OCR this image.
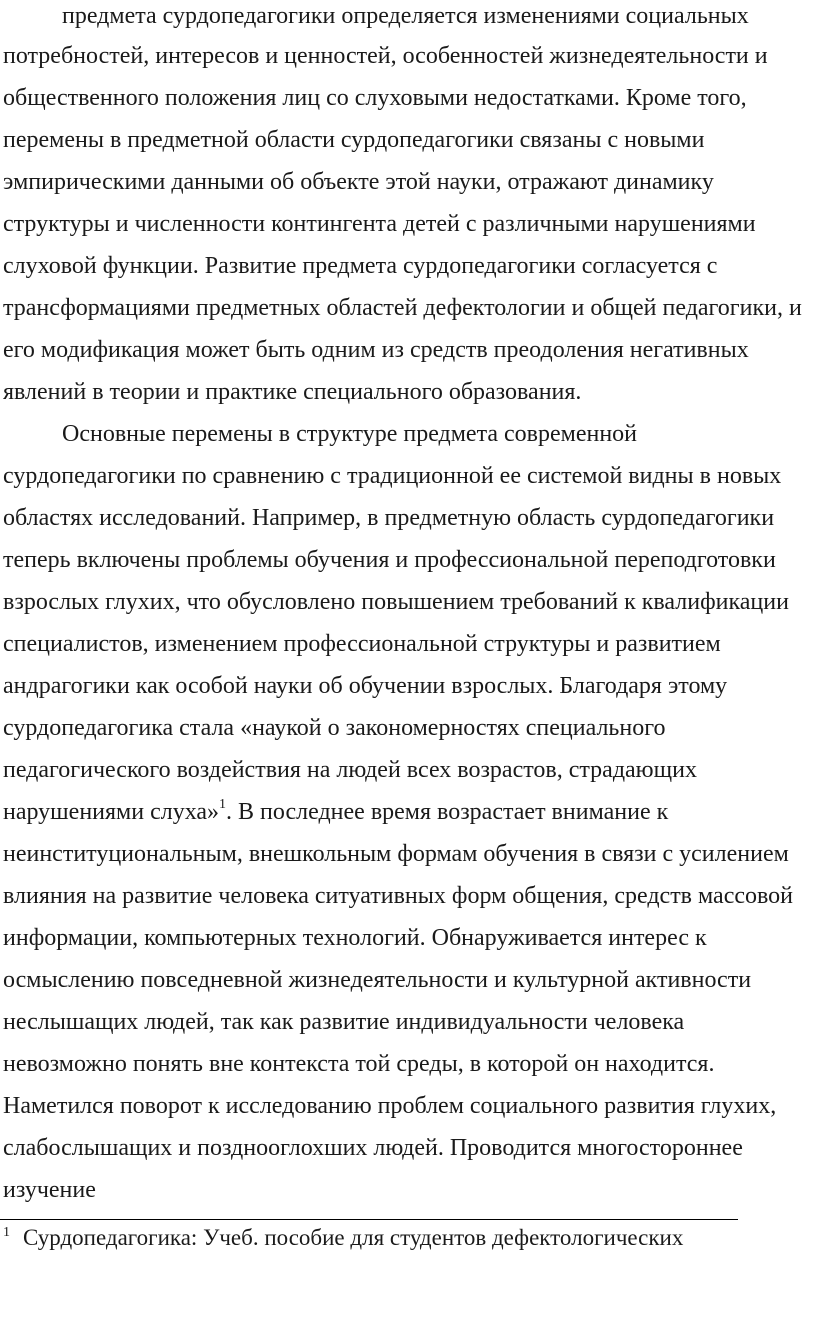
предмета сурдопедагогики определяется изменениями социальных
потребностей, интересов и ценностей, особенностей жизнедеятельности и
общественного положения лиц со слуховыми недостатками. Кроме того,
перемены в предметной области сурдопедагогики связаны с новыми
эмпирическими данными об объекте этой науки, отражают динамику
структуры и численности контингента детей с различными нарушениями
слуховой функции. Развитие предмета сурдопедагогики согласуется с
трансформациями предметных областей дефектологии и общей педагогики, и
его модификация может быть одним из средств преодоления негативных
явлений в теории и практике специального образования.
Основные перемены в структуре предмета современной
сурдопедагогики по сравнению с традиционной ее системой видны в новых
областях исследований. Например, в предметную область сурдопедагогики
теперь включены проблемы обучения и профессиональной переподготовки
взрослых глухих, что обусловлено повышением требований к квалификации
специалистов, изменением профессиональной структуры и развитием
андрагогики как особой науки об обучении взрослых. Благодаря этому
сурдопедагогика стала «наукой о закономерностях специального
педагогического воздействия на людей всех возрастов, страдающих
нарушениями слуха»$^1$. В последнее время возрастает внимание к
неинституциональным, внешкольным формам обучения в связи с усилением
влияния на развитие человека ситуативных форм общения, средств массовой
информации, компьютерных технологий. Обнаруживается интерес к
осмыслению повседневной жизнедеятельности и культурной активности
неслышащих людей, так как развитие индивидуальности человека
невозможно понять вне контекста той среды, в которой он находится.
Наметился поворот к исследованию проблем социального развития глухих,
слабослышащих и позднооглохших людей. Проводится многостороннее
изучение
$^1$ Сурдопедагогика: Учеб. пособие для студентов дефектологических
